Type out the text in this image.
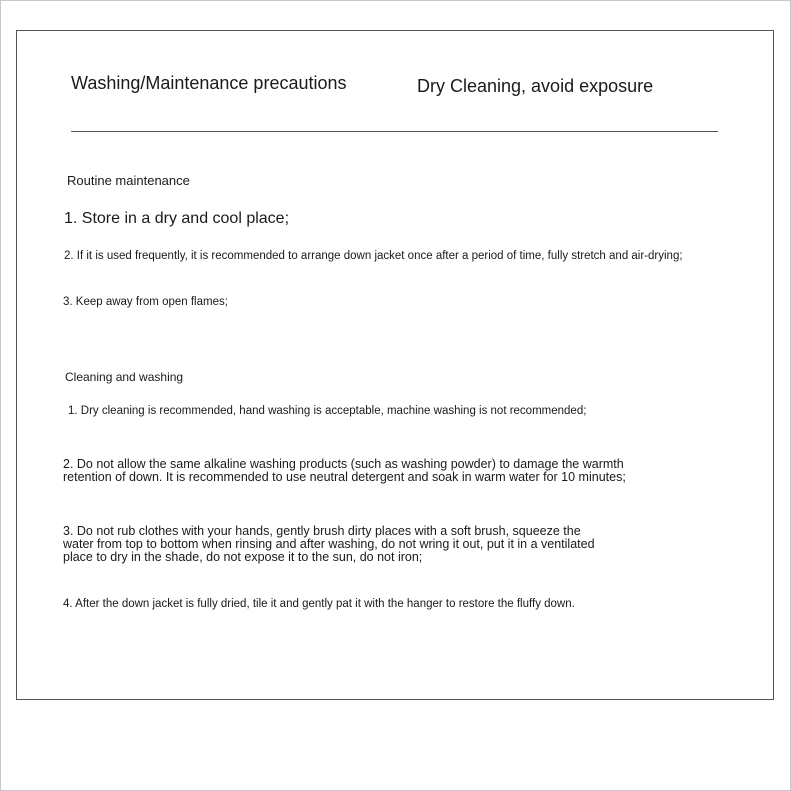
Washing/Maintenance precautions	Dry Cleaning, avoid exposure
Routine maintenance
1. Store in a dry and cool place;
2. If it is used frequently, it is recommended to arrange down jacket once after a period of time, fully stretch and air-drying;
3. Keep away from open flames;
Cleaning and washing
1. Dry cleaning is recommended, hand washing is acceptable, machine washing is not recommended;
2. Do not allow the same alkaline washing products (such as washing powder) to damage the warmth
retention of down. It is recommended to use neutral detergent and soak in warm water for 10 minutes;
3. Do not rub clothes with your hands, gently brush dirty places with a soft brush, squeeze the
water from top to bottom when rinsing and after washing, do not wring it out, put it in a ventilated
place to dry in the shade, do not expose it to the sun, do not iron;
4. After the down jacket is fully dried, tile it and gently pat it with the hanger to restore the fluffy down.
